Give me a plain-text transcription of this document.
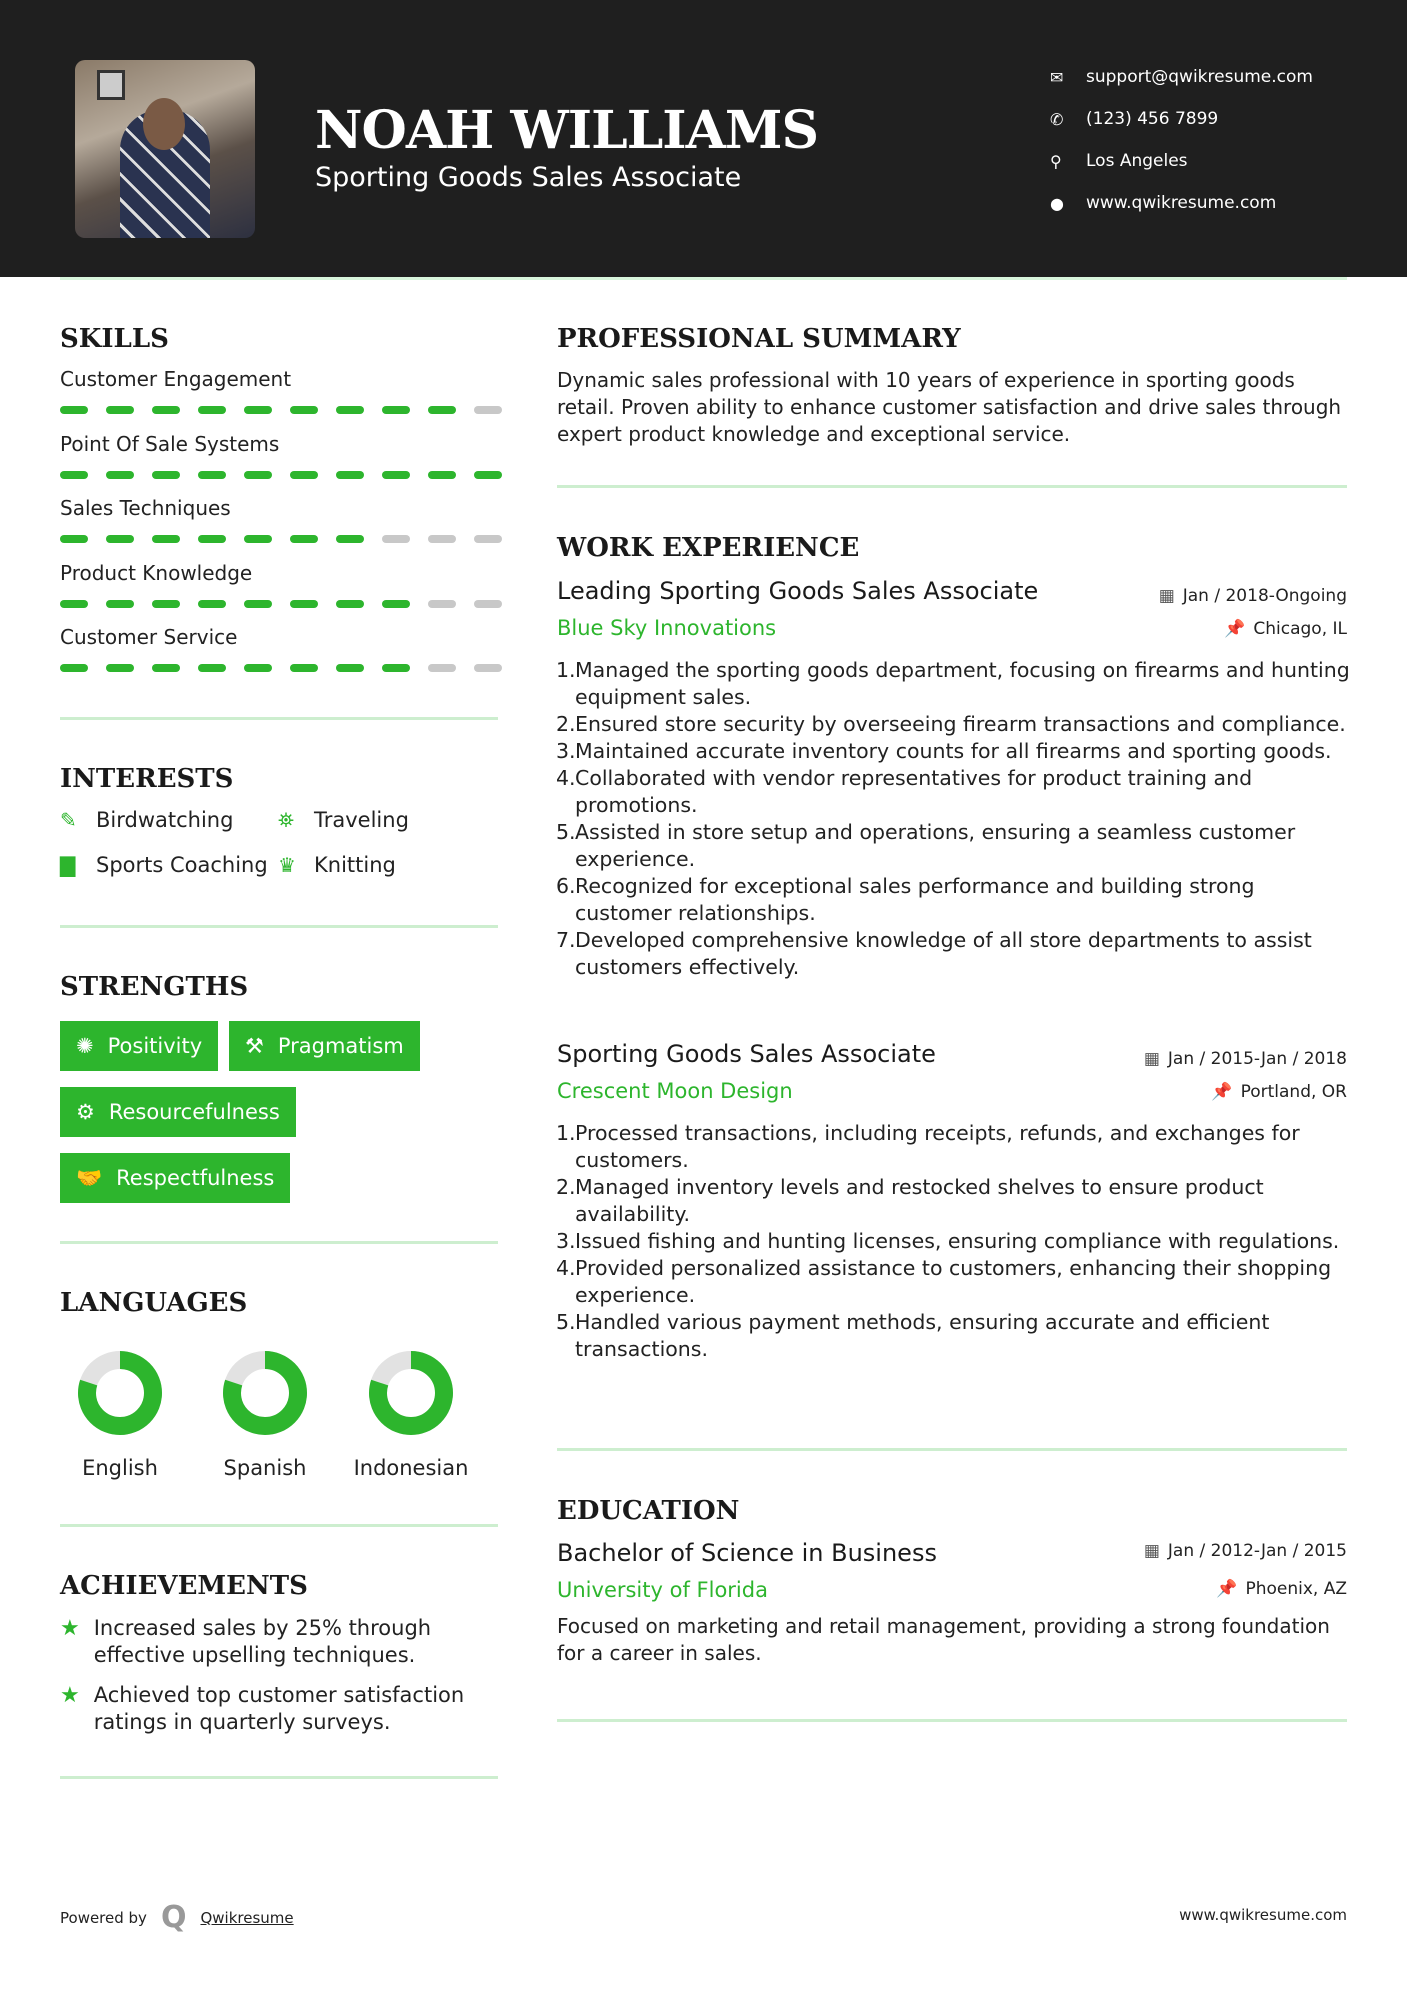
NOAH WILLIAMS
Sporting Goods Sales Associate
✉	support@qwikresume.com
✆	(123) 456 7899
⚲	Los Angeles
●	www.qwikresume.com
SKILLS
Customer Engagement
Point Of Sale Systems
Sales Techniques
Product Knowledge
Customer Service
INTERESTS
✎ Birdwatching ⛯ Traveling
▇ Sports Coaching ♛ Knitting
STRENGTHS
✺ Positivity ⚒ Pragmatism
⚙ Resourcefulness
🤝 Respectfulness
LANGUAGES
English	Spanish	Indonesian
ACHIEVEMENTS
★ Increased sales by 25% through effective upselling techniques.
★ Achieved top customer satisfaction ratings in quarterly surveys.
PROFESSIONAL SUMMARY
Dynamic sales professional with 10 years of experience in sporting goods retail. Proven ability to enhance customer satisfaction and drive sales through expert product knowledge and exceptional service.
WORK EXPERIENCE
Leading Sporting Goods Sales Associate	▦ Jan / 2018-Ongoing
Blue Sky Innovations	📌 Chicago, IL
Managed the sporting goods department, focusing on firearms and hunting equipment sales.
Ensured store security by overseeing firearm transactions and compliance.
Maintained accurate inventory counts for all firearms and sporting goods.
Collaborated with vendor representatives for product training and promotions.
Assisted in store setup and operations, ensuring a seamless customer experience.
Recognized for exceptional sales performance and building strong customer relationships.
Developed comprehensive knowledge of all store departments to assist customers effectively.
Sporting Goods Sales Associate	▦ Jan / 2015-Jan / 2018
Crescent Moon Design	📌 Portland, OR
Processed transactions, including receipts, refunds, and exchanges for customers.
Managed inventory levels and restocked shelves to ensure product availability.
Issued fishing and hunting licenses, ensuring compliance with regulations.
Provided personalized assistance to customers, enhancing their shopping experience.
Handled various payment methods, ensuring accurate and efficient transactions.
EDUCATION
Bachelor of Science in Business	▦ Jan / 2012-Jan / 2015
University of Florida	📌 Phoenix, AZ
Focused on marketing and retail management, providing a strong foundation for a career in sales.
Powered by Q Qwikresume	www.qwikresume.com
